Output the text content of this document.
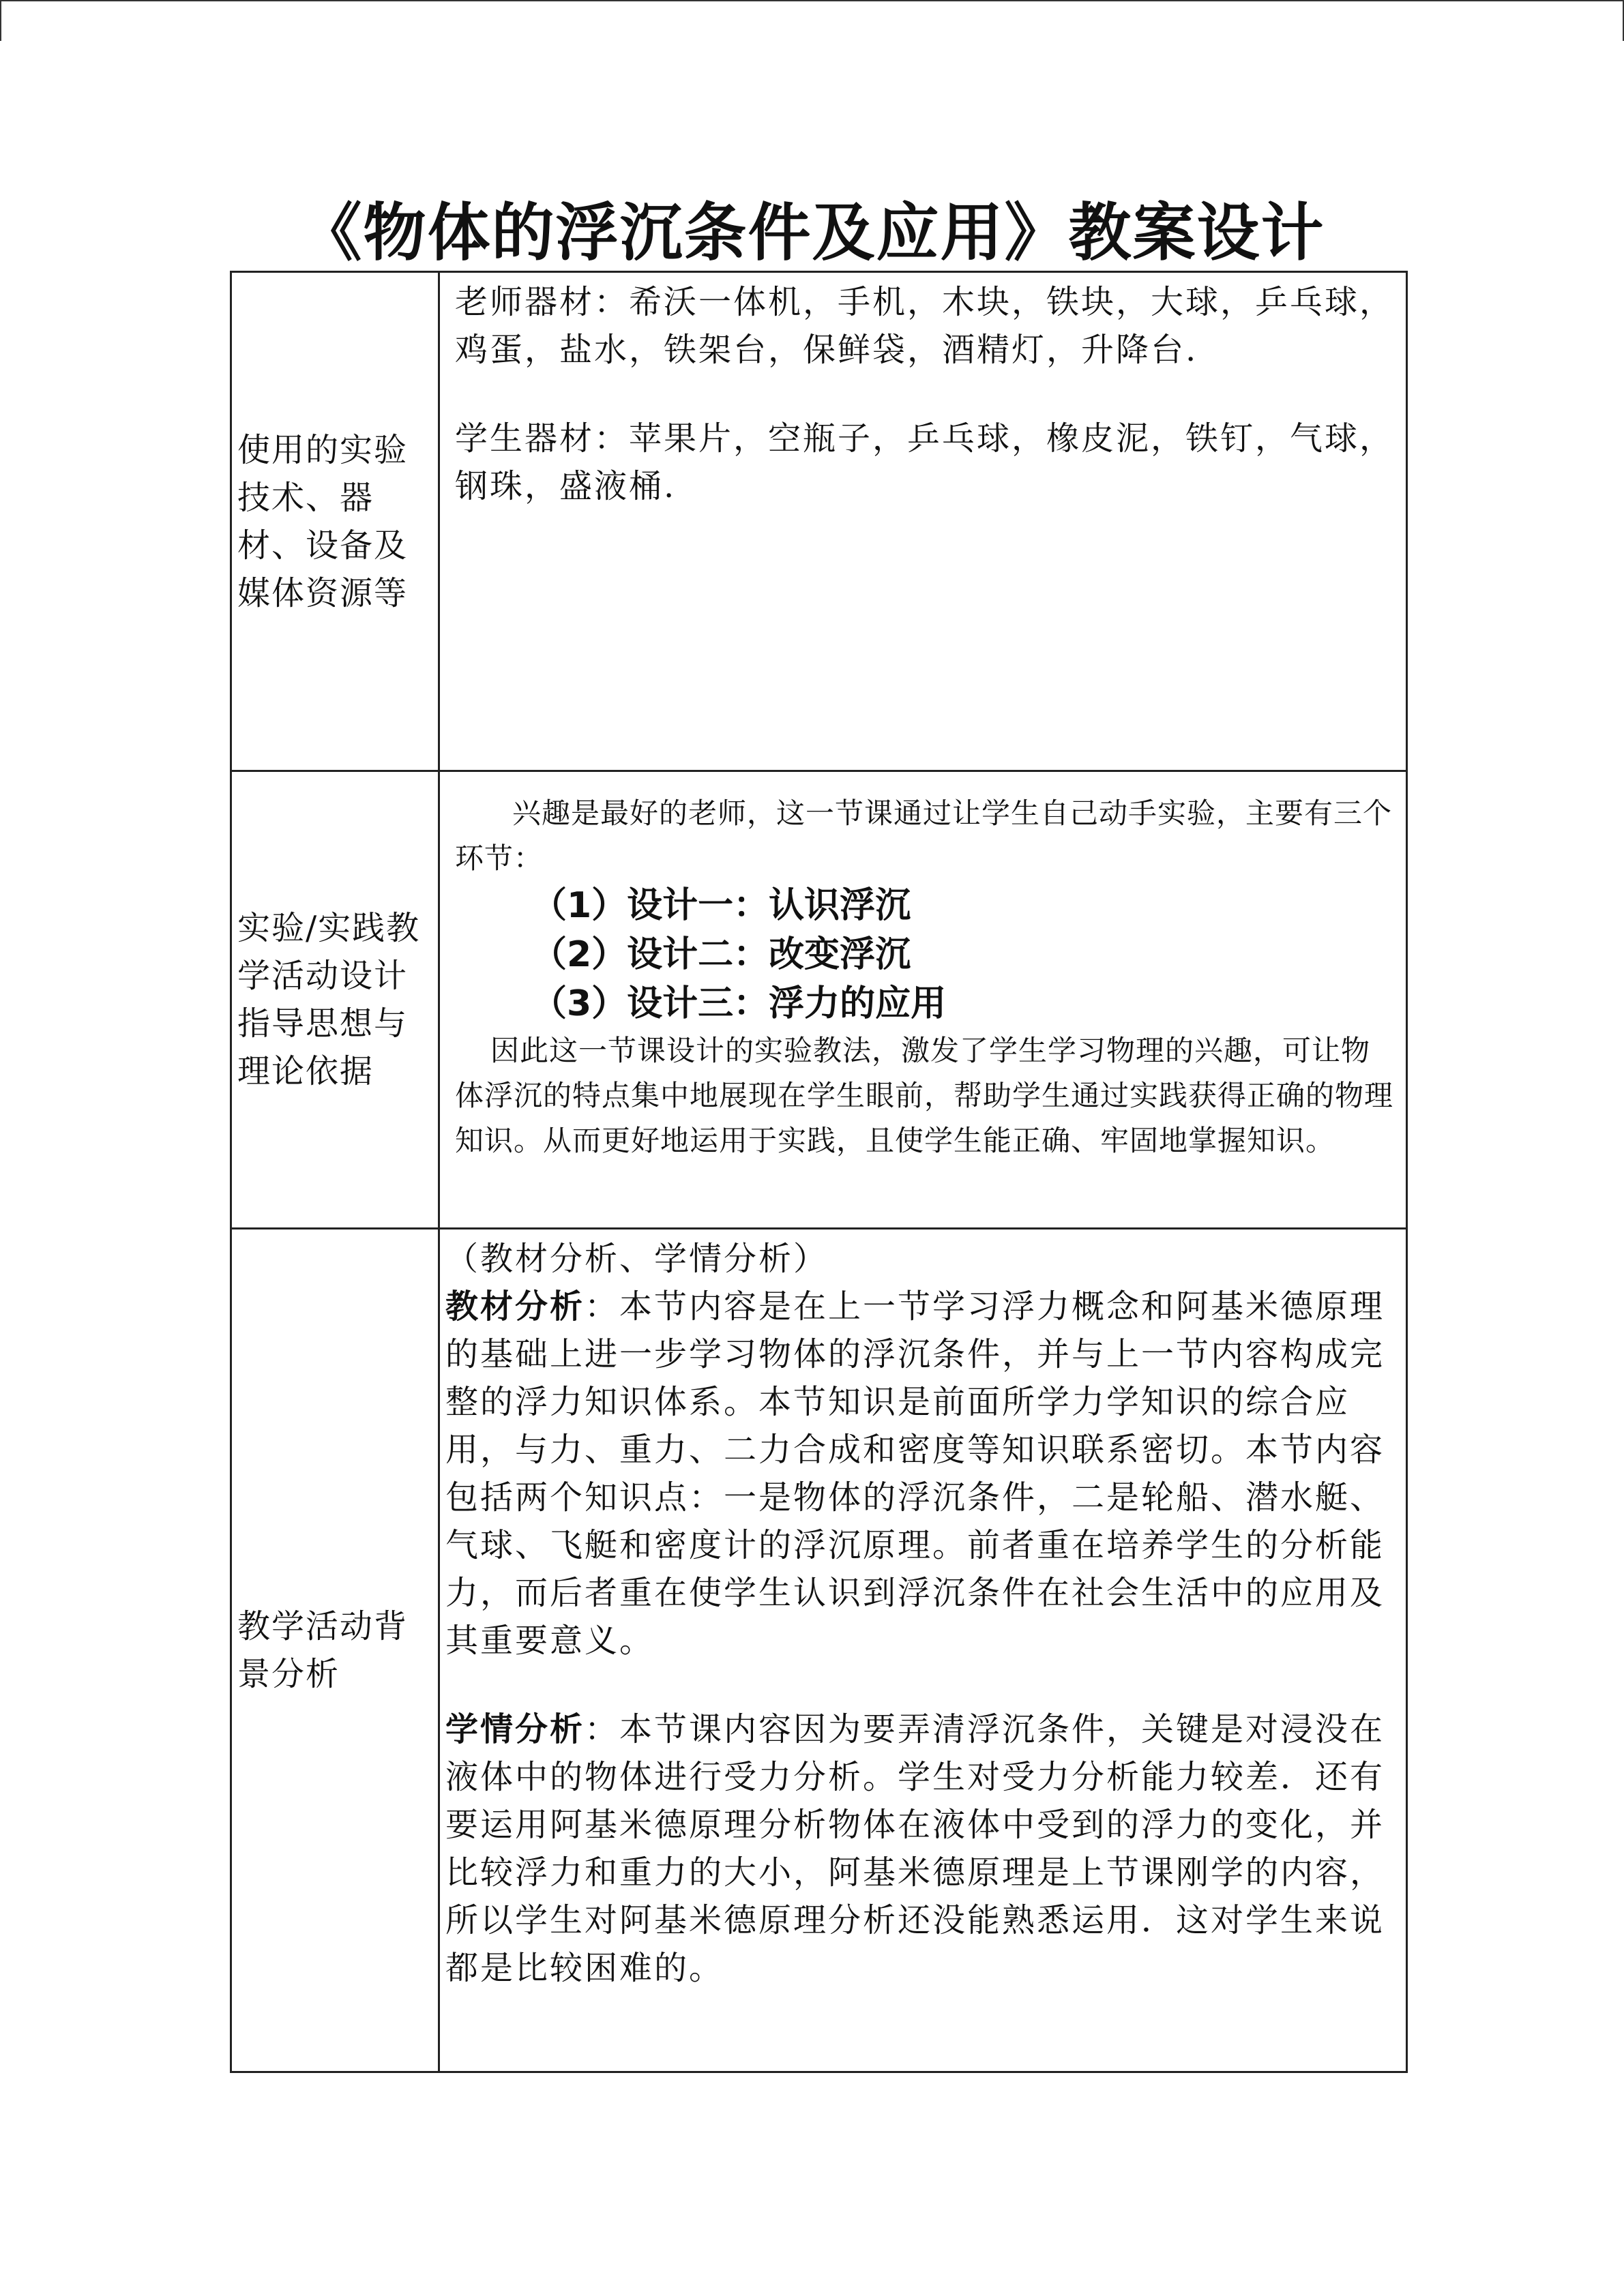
《物体的浮沉条件及应用》教案设计
使用的实验技术、器材、设备及媒体资源等	老师器材：希沃一体机，手机，木块，铁块，大球，乒乓球，鸡蛋，盐水，铁架台，保鲜袋，酒精灯，升降台.

学生器材：苹果片，空瓶子，乒乓球，橡皮泥，铁钉，气球，钢珠，盛液桶.

实验/实践教学活动设计指导思想与理论依据	兴趣是最好的老师，这一节课通过让学生自己动手实验，主要有三个环节：

（1）设计一：认识浮沉

（2）设计二：改变浮沉

（3）设计三：浮力的应用

因此这一节课设计的实验教法，激发了学生学习物理的兴趣，可让物体浮沉的特点集中地展现在学生眼前，帮助学生通过实践获得正确的物理知识。从而更好地运用于实践，且使学生能正确、牢固地掌握知识。

教学活动背景分析	（教材分析、学情分析）

教材分析：本节内容是在上一节学习浮力概念和阿基米德原理的基础上进一步学习物体的浮沉条件，并与上一节内容构成完整的浮力知识体系。本节知识是前面所学力学知识的综合应用，与力、重力、二力合成和密度等知识联系密切。本节内容包括两个知识点：一是物体的浮沉条件，二是轮船、潜水艇、气球、飞艇和密度计的浮沉原理。前者重在培养学生的分析能力，而后者重在使学生认识到浮沉条件在社会生活中的应用及其重要意义。

学情分析：本节课内容因为要弄清浮沉条件，关键是对浸没在液体中的物体进行受力分析。学生对受力分析能力较差．还有要运用阿基米德原理分析物体在液体中受到的浮力的变化，并比较浮力和重力的大小，阿基米德原理是上节课刚学的内容，所以学生对阿基米德原理分析还没能熟悉运用．这对学生来说都是比较困难的。
